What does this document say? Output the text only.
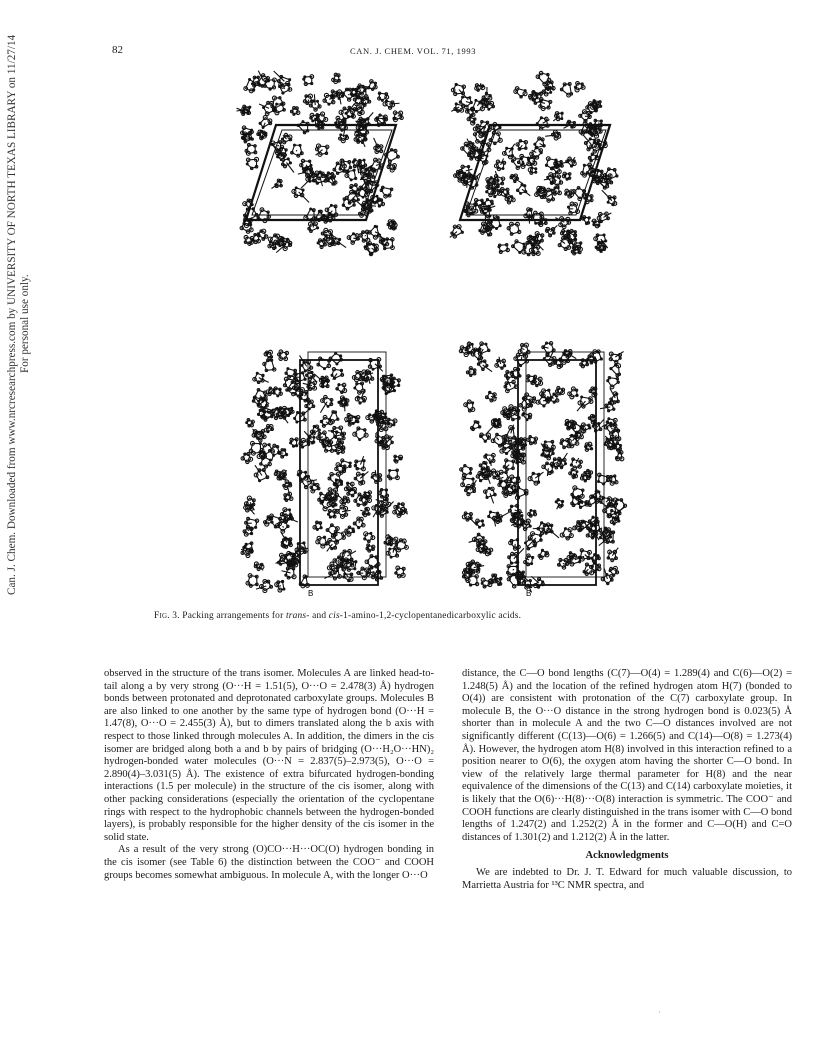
82	CAN. J. CHEM. VOL. 71, 1993
Can. J. Chem. Downloaded from www.nrcresearchpress.com by UNIVERSITY OF NORTH TEXAS LIBRARY on 11/27/14 For personal use only.
B	B
Fig. 3. Packing arrangements for trans- and cis-1-amino-1,2-cyclopentanedicarboxylic acids.

observed in the structure of the trans isomer. Molecules A are linked head-to-tail along a by very strong (O···H = 1.51(5), O···O = 2.478(3) Å) hydrogen bonds between protonated and deprotonated carboxylate groups. Molecules B are also linked to one another by the same type of hydrogen bond (O···H = 1.47(8), O···O = 2.455(3) Å), but to dimers translated along the b axis with respect to those linked through molecules A. In addition, the dimers in the cis isomer are bridged along both a and b by pairs of bridging (O···H₂O···HN)₂ hydrogen-bonded water molecules (O···N = 2.837(5)–2.973(5), O···O = 2.890(4)–3.031(5) Å). The existence of extra bifurcated hydrogen-bonding interactions (1.5 per molecule) in the structure of the cis isomer, along with other packing considerations (especially the orientation of the cyclopentane rings with respect to the hydrophobic channels between the hydrogen-bonded layers), is probably responsible for the higher density of the cis isomer in the solid state.

As a result of the very strong (O)CO···H···OC(O) hydrogen bonding in the cis isomer (see Table 6) the distinction between the COO⁻ and COOH groups becomes somewhat ambiguous. In molecule A, with the longer O···O

distance, the C—O bond lengths (C(7)—O(4) = 1.289(4) and C(6)—O(2) = 1.248(5) Å) and the location of the refined hydrogen atom H(7) (bonded to O(4)) are consistent with protonation of the C(7) carboxylate group. In molecule B, the O···O distance in the strong hydrogen bond is 0.023(5) Å shorter than in molecule A and the two C—O distances involved are not significantly different (C(13)—O(6) = 1.266(5) and C(14)—O(8) = 1.273(4) Å). However, the hydrogen atom H(8) involved in this interaction refined to a position nearer to O(6), the oxygen atom having the shorter C—O bond. In view of the relatively large thermal parameter for H(8) and the near equivalence of the dimensions of the C(13) and C(14) carboxylate moieties, it is likely that the O(6)···H(8)···O(8) interaction is symmetric. The COO⁻ and COOH functions are clearly distinguished in the trans isomer with C—O bond lengths of 1.247(2) and 1.252(2) Å in the former and C—O(H) and C=O distances of 1.301(2) and 1.212(2) Å in the latter.

Acknowledgments

We are indebted to Dr. J. T. Edward for much valuable discussion, to Marrietta Austria for ¹³C NMR spectra, and

·
